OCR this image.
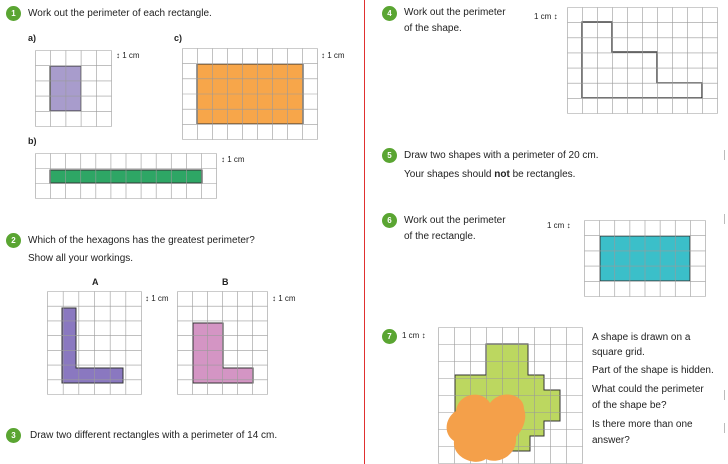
1	Work out the perimeter of each rectangle.
a)	c)
b)
↕ 1 cm	↕ 1 cm
↕ 1 cm
2	Which of the hexagons has the greatest perimeter?
Show all your workings.
A	B
↕ 1 cm	↕ 1 cm
3	Draw two different rectangles with a perimeter of 14 cm.
4	Work out the perimeter
of the shape.
1 cm ↕
5	Draw two shapes with a perimeter of 20 cm.
Your shapes should not be rectangles.
6	Work out the perimeter
of the rectangle.
1 cm ↕
7	1 cm ↕	A shape is drawn on a
square grid.
Part of the shape is hidden.
What could the perimeter
of the shape be?
Is there more than one
answer?
